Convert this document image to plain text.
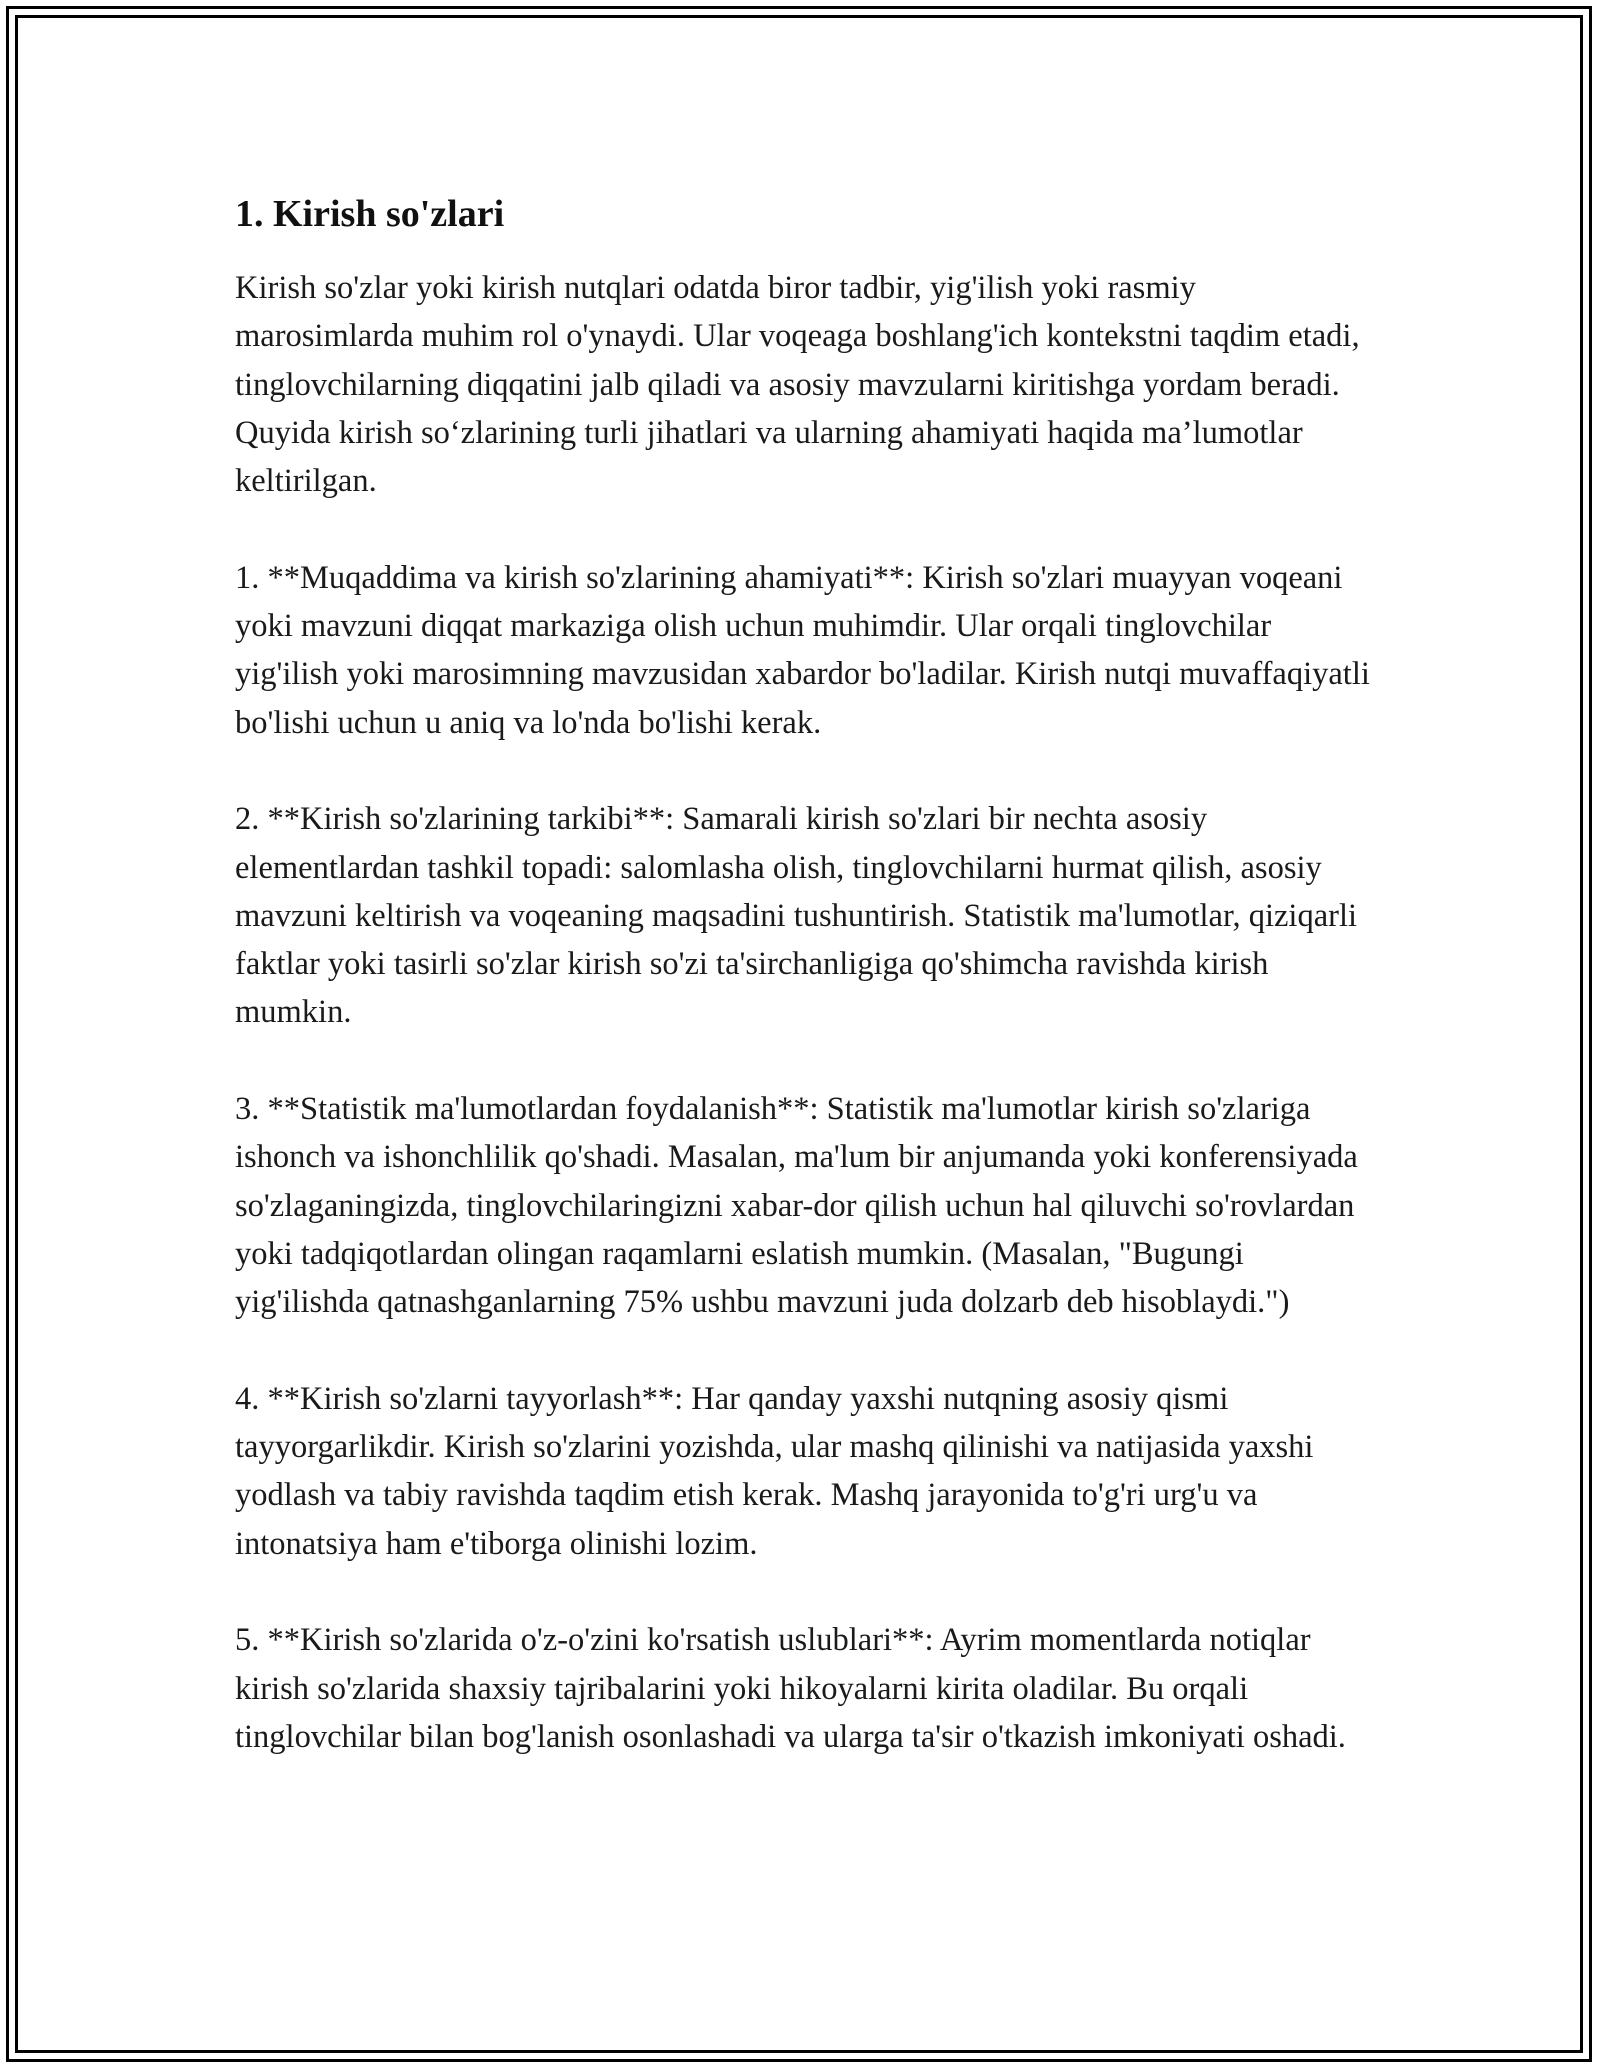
1. Kirish so'zlari

Kirish so'zlar yoki kirish nutqlari odatda biror tadbir, yig'ilish yoki rasmiy marosimlarda muhim rol o'ynaydi. Ular voqeaga boshlang'ich kontekstni taqdim etadi, tinglovchilarning diqqatini jalb qiladi va asosiy mavzularni kiritishga yordam beradi. Quyida kirish so‘zlarining turli jihatlari va ularning ahamiyati haqida ma’lumotlar keltirilgan.

1. **Muqaddima va kirish so'zlarining ahamiyati**: Kirish so'zlari muayyan voqeani yoki mavzuni diqqat markaziga olish uchun muhimdir. Ular orqali tinglovchilar yig'ilish yoki marosimning mavzusidan xabardor bo'ladilar. Kirish nutqi muvaffaqiyatli bo'lishi uchun u aniq va lo'nda bo'lishi kerak.

2. **Kirish so'zlarining tarkibi**: Samarali kirish so'zlari bir nechta asosiy elementlardan tashkil topadi: salomlasha olish, tinglovchilarni hurmat qilish, asosiy mavzuni keltirish va voqeaning maqsadini tushuntirish. Statistik ma'lumotlar, qiziqarli faktlar yoki tasirli so'zlar kirish so'zi ta'sirchanligiga qo'shimcha ravishda kirish mumkin.

3. **Statistik ma'lumotlardan foydalanish**: Statistik ma'lumotlar kirish so'zlariga ishonch va ishonchlilik qo'shadi. Masalan, ma'lum bir anjumanda yoki konferensiyada so'zlaganingizda, tinglovchilaringizni xabar-dor qilish uchun hal qiluvchi so'rovlardan yoki tadqiqotlardan olingan raqamlarni eslatish mumkin. (Masalan, "Bugungi yig'ilishda qatnashganlarning 75% ushbu mavzuni juda dolzarb deb hisoblaydi.")

4. **Kirish so'zlarni tayyorlash**: Har qanday yaxshi nutqning asosiy qismi tayyorgarlikdir. Kirish so'zlarini yozishda, ular mashq qilinishi va natijasida yaxshi yodlash va tabiy ravishda taqdim etish kerak. Mashq jarayonida to'g'ri urg'u va intonatsiya ham e'tiborga olinishi lozim.

5. **Kirish so'zlarida o'z-o'zini ko'rsatish uslublari**: Ayrim momentlarda notiqlar kirish so'zlarida shaxsiy tajribalarini yoki hikoyalarni kirita oladilar. Bu orqali tinglovchilar bilan bog'lanish osonlashadi va ularga ta'sir o'tkazish imkoniyati oshadi.
